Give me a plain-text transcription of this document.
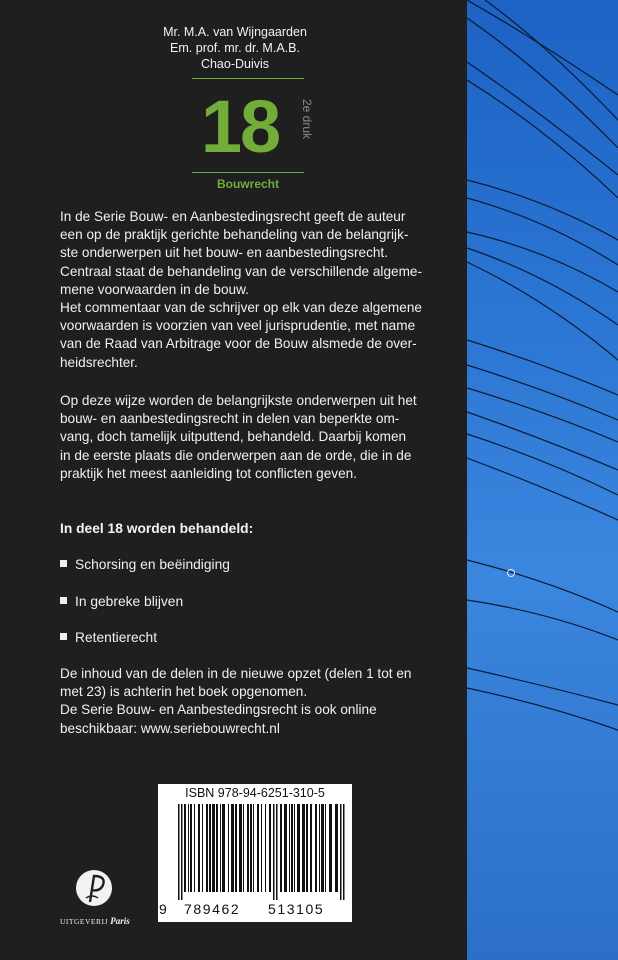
Mr. M.A. van Wijngaarden
Em. prof. mr. dr. M.A.B.
Chao-Duivis
18	2e druk
Bouwrecht
In de Serie Bouw- en Aanbestedingsrecht geeft de auteur
een op de praktijk gerichte behandeling van de belangrijk-
ste onderwerpen uit het bouw- en aanbestedingsrecht.
Centraal staat de behandeling van de verschillende algeme-
mene voorwaarden in de bouw.
Het commentaar van de schrijver op elk van deze algemene
voorwaarden is voorzien van veel jurisprudentie, met name
van de Raad van Arbitrage voor de Bouw alsmede de over-
heidsrechter.
Op deze wijze worden de belangrijkste onderwerpen uit het
bouw- en aanbestedingsrecht in delen van beperkte om-
vang, doch tamelijk uitputtend, behandeld. Daarbij komen
in de eerste plaats die onderwerpen aan de orde, die in de
praktijk het meest aanleiding tot conflicten geven.
In deel 18 worden behandeld:
Schorsing en beëindiging
In gebreke blijven
Retentierecht
De inhoud van de delen in de nieuwe opzet (delen 1 tot en
met 23) is achterin het boek opgenomen.
De Serie Bouw- en Aanbestedingsrecht is ook online
beschikbaar: www.seriebouwrecht.nl
ISBN 978-94-6251-310-5
9 789462 513105
UITGEVERIJ Paris
